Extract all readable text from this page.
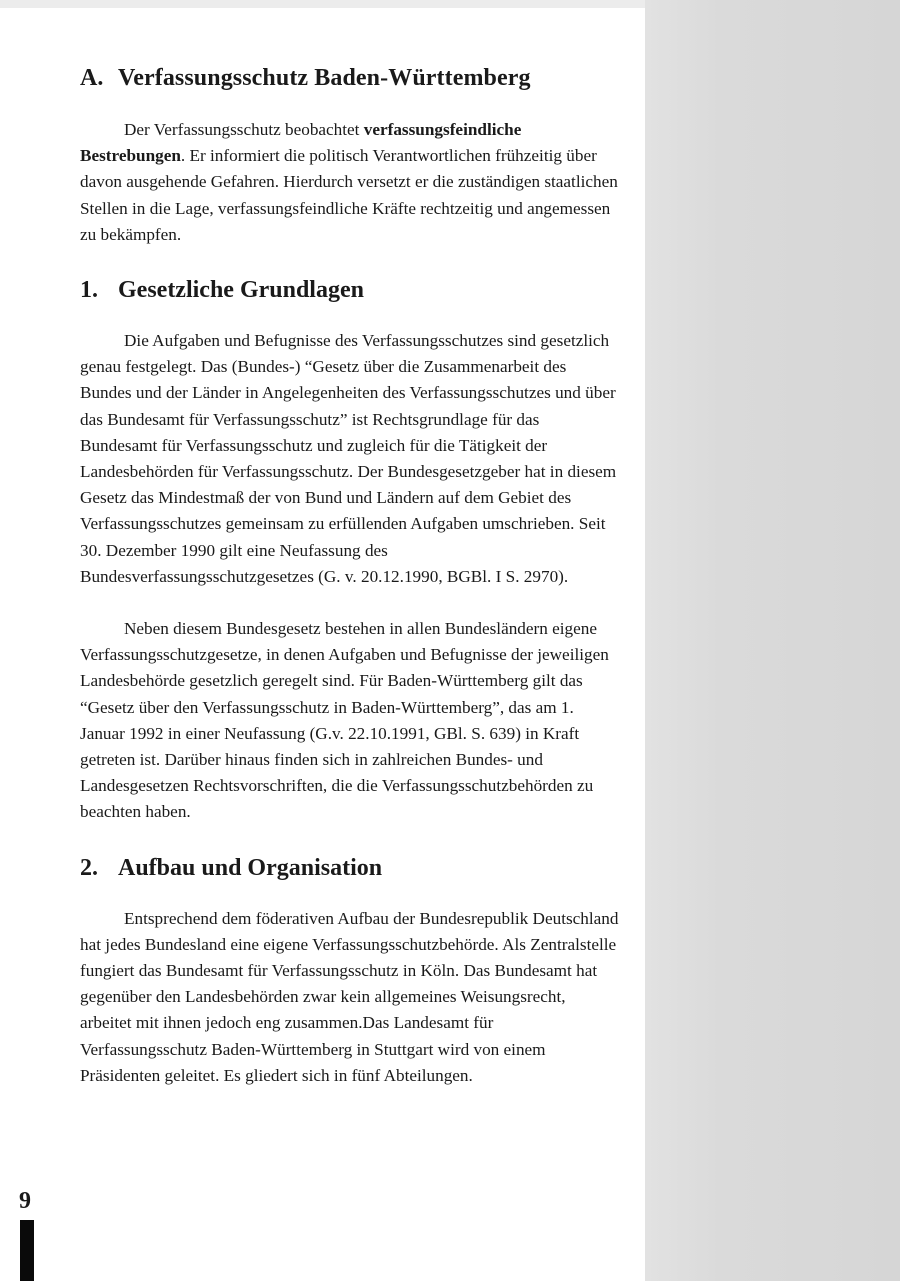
A. Verfassungsschutz Baden-Württemberg

Der Verfassungsschutz beobachtet verfassungsfeindliche Bestrebungen. Er informiert die politisch Verantwortlichen frühzeitig über davon ausgehende Gefahren. Hierdurch versetzt er die zuständigen staatlichen Stellen in die Lage, verfassungsfeindliche Kräfte rechtzeitig und angemessen zu bekämpfen.

1. Gesetzliche Grundlagen

Die Aufgaben und Befugnisse des Verfassungsschutzes sind gesetzlich genau festgelegt. Das (Bundes-) “Gesetz über die Zusammenarbeit des Bundes und der Länder in Angelegenheiten des Verfassungsschutzes und über das Bundesamt für Verfassungsschutz” ist Rechtsgrundlage für das Bundesamt für Verfassungsschutz und zugleich für die Tätigkeit der Landesbehörden für Verfassungsschutz. Der Bundesgesetzgeber hat in diesem Gesetz das Mindestmaß der von Bund und Ländern auf dem Gebiet des Verfassungsschutzes gemeinsam zu erfüllenden Aufgaben umschrieben. Seit 30. Dezember 1990 gilt eine Neufassung des Bundesverfassungsschutzgesetzes (G. v. 20.12.1990, BGBl. I S. 2970).

Neben diesem Bundesgesetz bestehen in allen Bundesländern eigene Verfassungsschutzgesetze, in denen Aufgaben und Befugnisse der jeweiligen Landesbehörde gesetzlich geregelt sind. Für Baden-Württemberg gilt das “Gesetz über den Verfassungsschutz in Baden-Württemberg”, das am 1. Januar 1992 in einer Neufassung (G.v. 22.10.1991, GBl. S. 639) in Kraft getreten ist. Darüber hinaus finden sich in zahlreichen Bundes- und Landesgesetzen Rechtsvorschriften, die die Verfassungsschutzbehörden zu beachten haben.

2. Aufbau und Organisation

Entsprechend dem föderativen Aufbau der Bundesrepublik Deutschland hat jedes Bundesland eine eigene Verfassungsschutzbehörde. Als Zentralstelle fungiert das Bundesamt für Verfassungsschutz in Köln. Das Bundesamt hat gegenüber den Landesbehörden zwar kein allgemeines Weisungsrecht, arbeitet mit ihnen jedoch eng zusammen.Das Landesamt für Verfassungsschutz Baden-Württemberg in Stuttgart wird von einem Präsidenten geleitet. Es gliedert sich in fünf Abteilungen.

9
